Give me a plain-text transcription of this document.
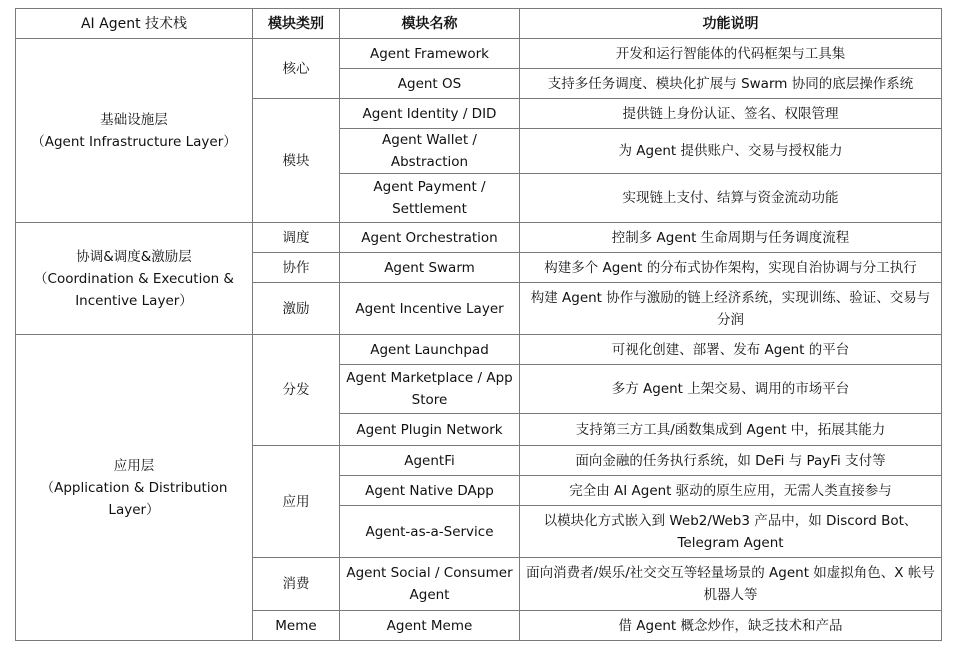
AI Agent 技术栈	模块类别	模块名称	功能说明

基础设施层
（Agent Infrastructure Layer）	核心	Agent Framework	开发和运行智能体的代码框架与工具集
		Agent OS	支持多任务调度、模块化扩展与 Swarm 协同的底层操作系统
	模块	Agent Identity / DID	提供链上身份认证、签名、权限管理
		Agent Wallet / Abstraction	为 Agent 提供账户、交易与授权能力
		Agent Payment / Settlement	实现链上支付、结算与资金流动功能

协调&调度&激励层
（Coordination & Execution &
Incentive Layer）	调度	Agent Orchestration	控制多 Agent 生命周期与任务调度流程
	协作	Agent Swarm	构建多个 Agent 的分布式协作架构，实现自治协调与分工执行
	激励	Agent Incentive Layer	构建 Agent 协作与激励的链上经济系统，实现训练、验证、交易与分润

应用层
（Application & Distribution Layer）	分发	Agent Launchpad	可视化创建、部署、发布 Agent 的平台
		Agent Marketplace / App Store	多方 Agent 上架交易、调用的市场平台
		Agent Plugin Network	支持第三方工具/函数集成到 Agent 中，拓展其能力
	应用	AgentFi	面向金融的任务执行系统，如 DeFi 与 PayFi 支付等
		Agent Native DApp	完全由 AI Agent 驱动的原生应用，无需人类直接参与
		Agent-as-a-Service	以模块化方式嵌入到 Web2/Web3 产品中，如 Discord Bot、Telegram Agent
	消费	Agent Social / Consumer Agent	面向消费者/娱乐/社交交互等轻量场景的 Agent 如虚拟角色、X 帐号机器人等
	Meme	Agent Meme	借 Agent 概念炒作，缺乏技术和产品
